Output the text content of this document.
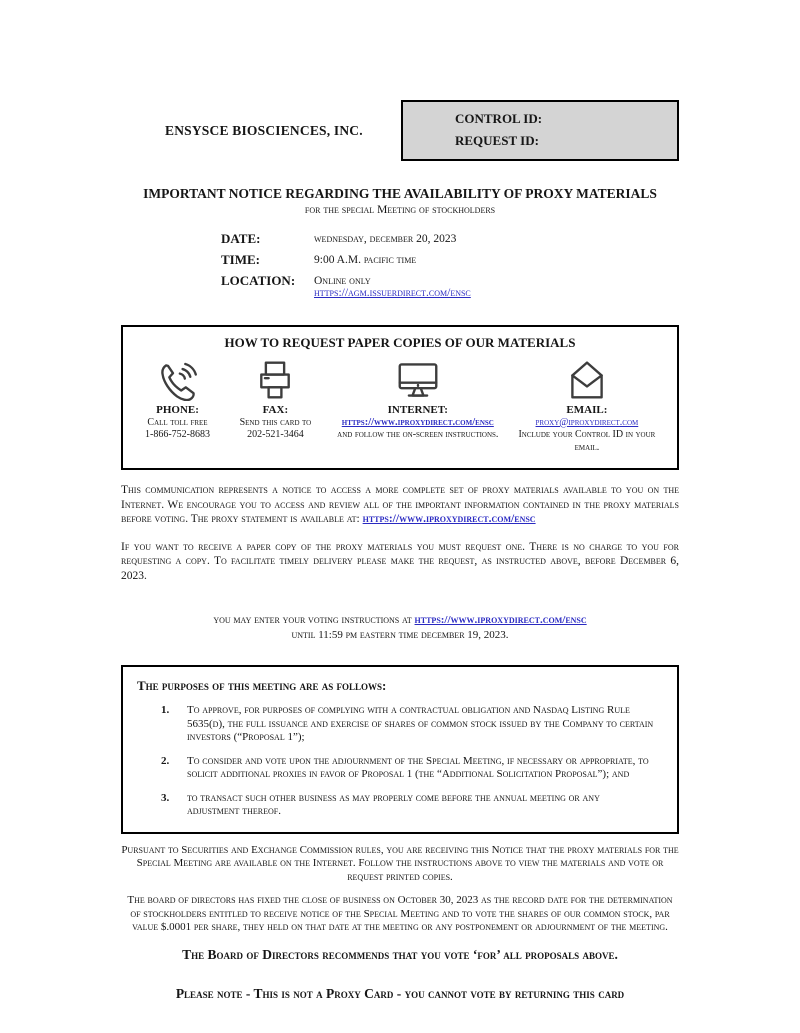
ENSYSCE BIOSCIENCES, INC.
CONTROL ID:
REQUEST ID:
IMPORTANT NOTICE REGARDING THE AVAILABILITY OF PROXY MATERIALS
for the special Meeting of stockholders
DATE:	wednesday, december 20, 2023
TIME:	9:00 A.M. pacific time
LOCATION:	Online only
https://agm.issuerdirect.com/ensc
HOW TO REQUEST PAPER COPIES OF OUR MATERIALS
PHONE:
Call toll free
1-866-752-8683
FAX:
Send this card to
202-521-3464
INTERNET:
https://www.iproxydirect.com/ensc
and follow the on-screen instructions.
EMAIL:
proxy@iproxydirect.com
Include your Control ID in your email.
This communication represents a notice to access a more complete set of proxy materials available to you on the Internet. We encourage you to access and review all of the important information contained in the proxy materials before voting. The proxy statement is available at: https://www.iproxydirect.com/ensc
If you want to receive a paper copy of the proxy materials you must request one. There is no charge to you for requesting a copy. To facilitate timely delivery please make the request, as instructed above, before December 6, 2023.
you may enter your voting instructions at https://www.iproxydirect.com/ensc
until 11:59 pm eastern time december 19, 2023.
The purposes of this meeting are as follows:
1.	To approve, for purposes of complying with a contractual obligation and Nasdaq Listing Rule 5635(d), the full issuance and exercise of shares of common stock issued by the Company to certain investors (“Proposal 1”);
2.	To consider and vote upon the adjournment of the Special Meeting, if necessary or appropriate, to solicit additional proxies in favor of Proposal 1 (the “Additional Solicitation Proposal”); and
3.	to transact such other business as may properly come before the annual meeting or any adjustment thereof.
Pursuant to Securities and Exchange Commission rules, you are receiving this Notice that the proxy materials for the Special Meeting are available on the Internet. Follow the instructions above to view the materials and vote or request printed copies.
The board of directors has fixed the close of business on October 30, 2023 as the record date for the determination of stockholders entitled to receive notice of the Special Meeting and to vote the shares of our common stock, par value $.0001 per share, they held on that date at the meeting or any postponement or adjournment of the meeting.
The Board of Directors recommends that you vote ‘for’ all proposals above.
Please note - This is not a Proxy Card - you cannot vote by returning this card
